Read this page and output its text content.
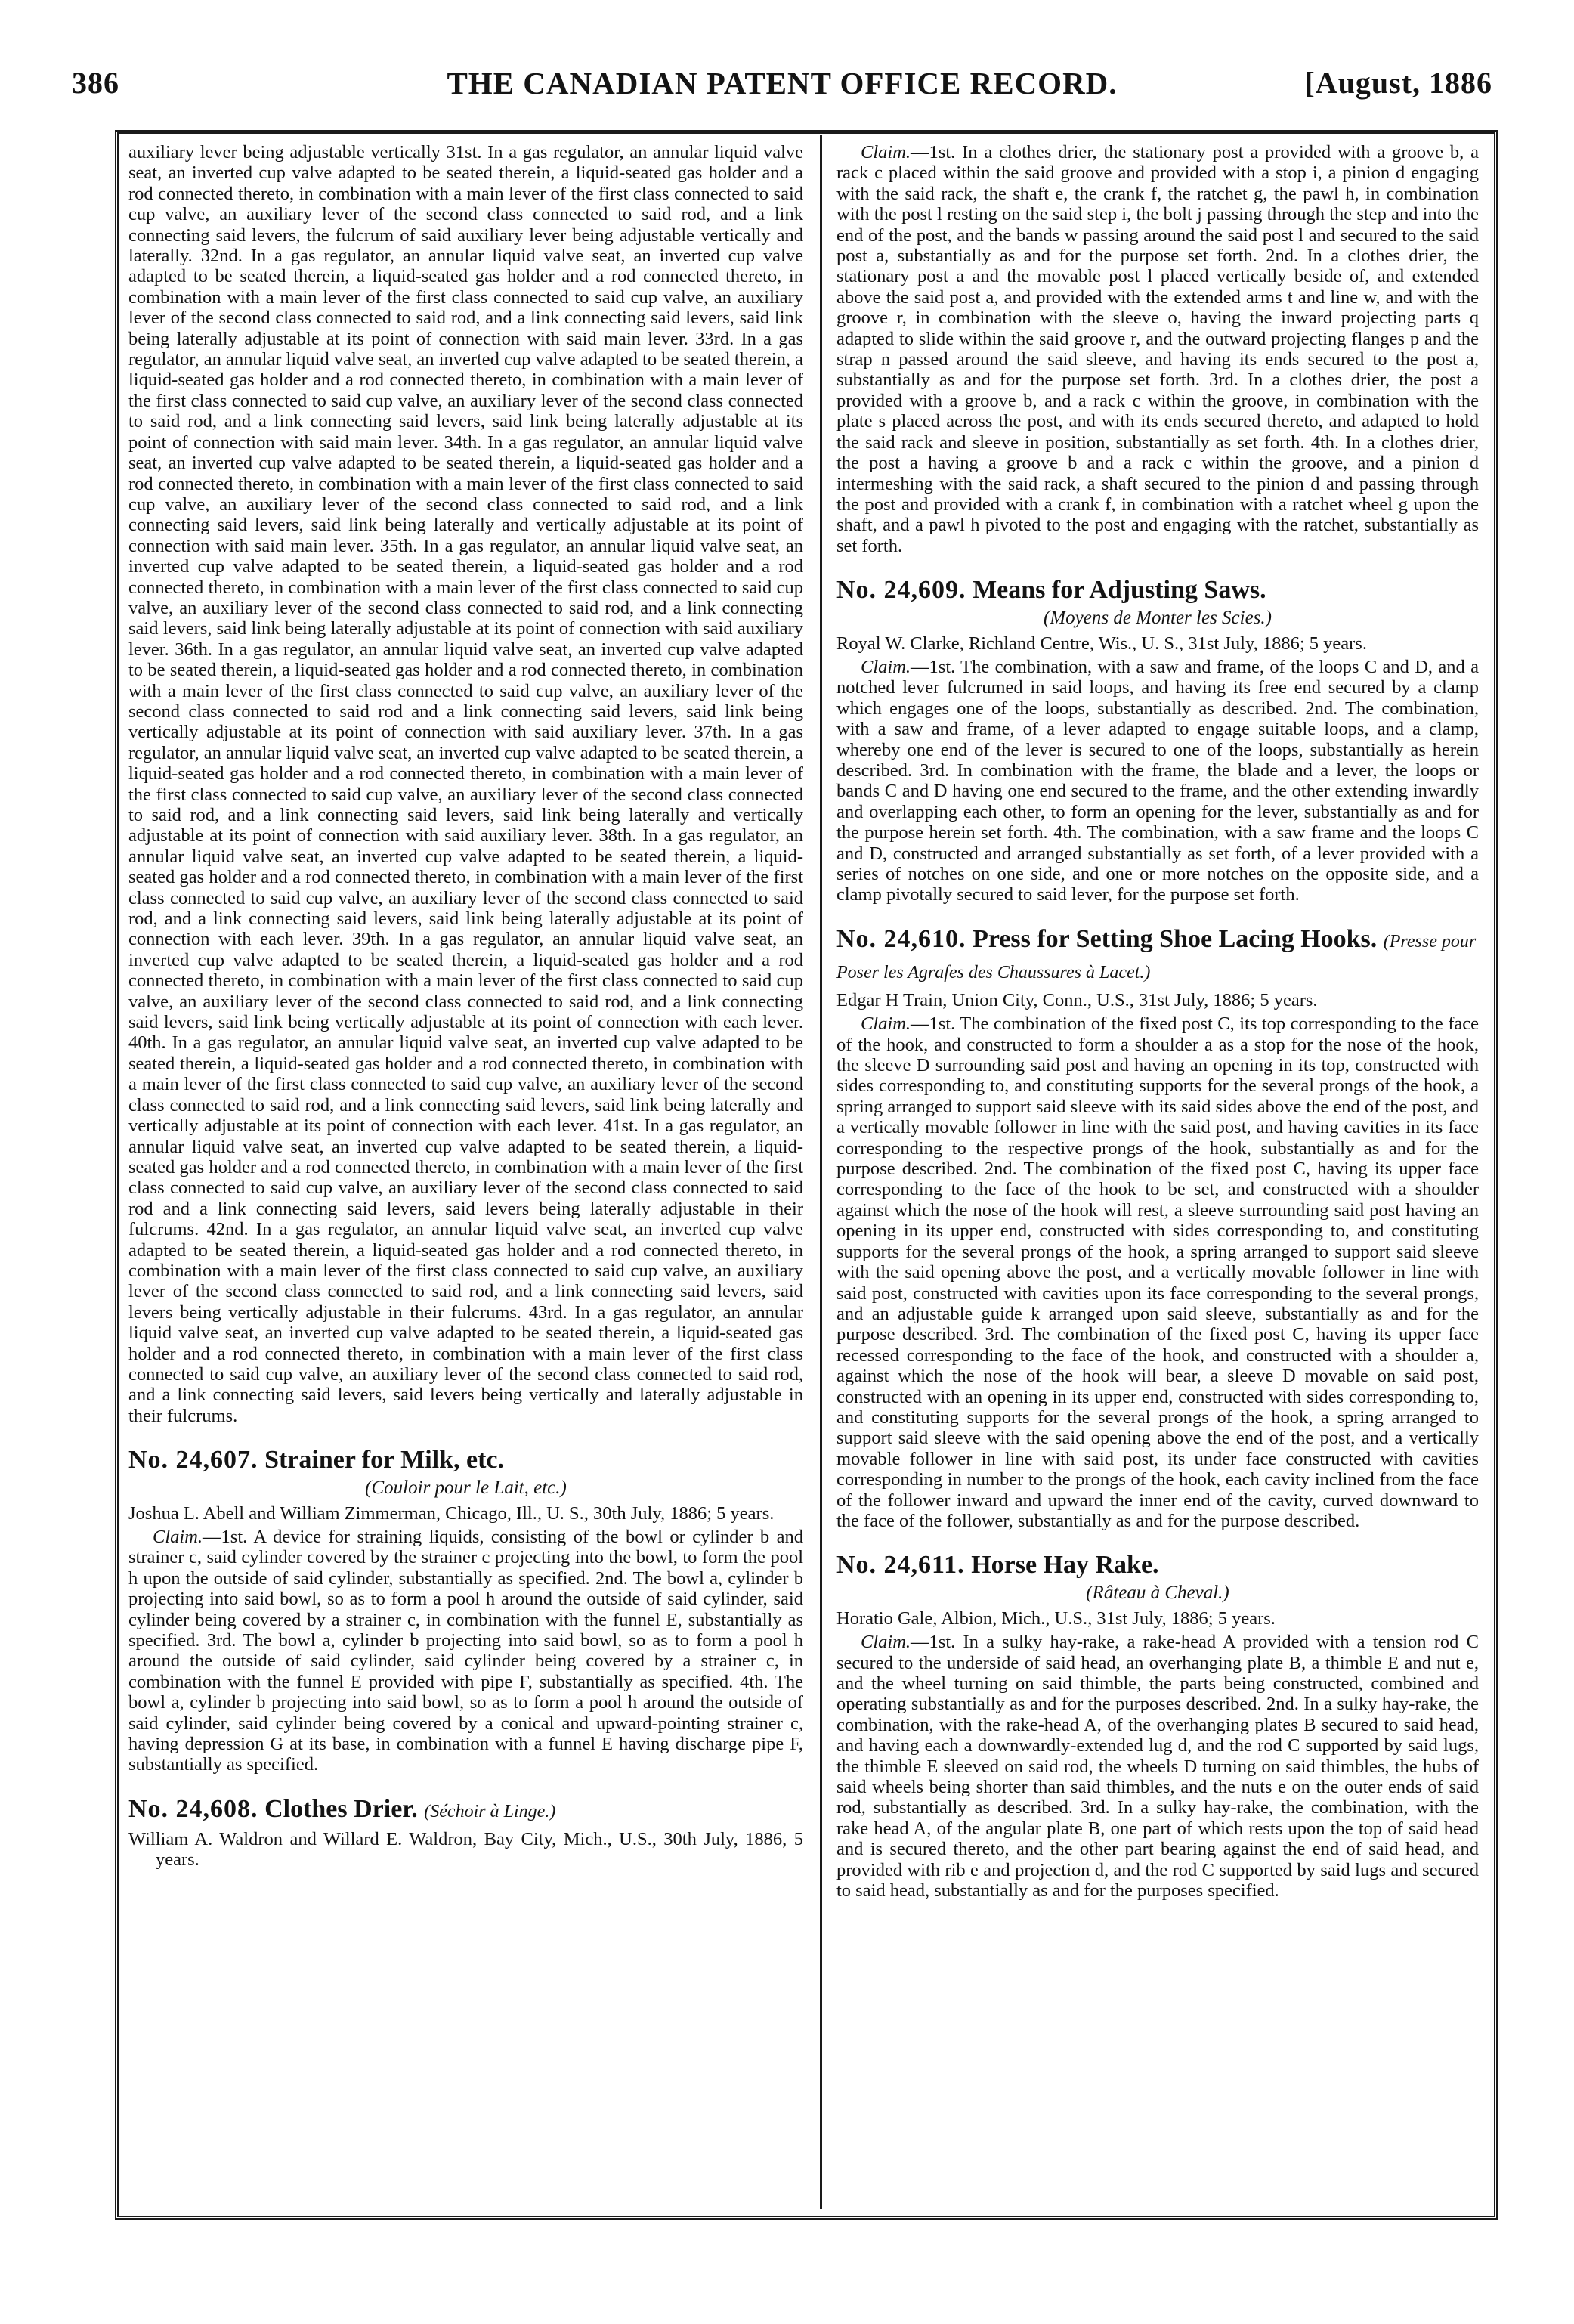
386	THE CANADIAN PATENT OFFICE RECORD.	[August, 1886

auxiliary lever being adjustable vertically 31st. In a gas regulator, an annular liquid valve seat, an inverted cup valve adapted to be seated therein, a liquid-seated gas holder and a rod connected thereto, in combination with a main lever of the first class connected to said cup valve, an auxiliary lever of the second class connected to said rod, and a link connecting said levers, the fulcrum of said auxiliary lever being adjustable vertically and laterally. 32nd. In a gas regulator, an annular liquid valve seat, an inverted cup valve adapted to be seated therein, a liquid-seated gas holder and a rod connected thereto, in combination with a main lever of the first class connected to said cup valve, an auxiliary lever of the second class connected to said rod, and a link connecting said levers, said link being laterally adjustable at its point of connection with said main lever. 33rd. In a gas regulator, an annular liquid valve seat, an inverted cup valve adapted to be seated therein, a liquid-seated gas holder and a rod connected thereto, in combination with a main lever of the first class connected to said cup valve, an auxiliary lever of the second class connected to said rod, and a link connecting said levers, said link being laterally adjustable at its point of connection with said main lever. 34th. In a gas regulator, an annular liquid valve seat, an inverted cup valve adapted to be seated therein, a liquid-seated gas holder and a rod connected thereto, in combination with a main lever of the first class connected to said cup valve, an auxiliary lever of the second class connected to said rod, and a link connecting said levers, said link being laterally and vertically adjustable at its point of connection with said main lever. 35th. In a gas regulator, an annular liquid valve seat, an inverted cup valve adapted to be seated therein, a liquid-seated gas holder and a rod connected thereto, in combination with a main lever of the first class connected to said cup valve, an auxiliary lever of the second class connected to said rod, and a link connecting said levers, said link being laterally adjustable at its point of connection with said auxiliary lever. 36th. In a gas regulator, an annular liquid valve seat, an inverted cup valve adapted to be seated therein, a liquid-seated gas holder and a rod connected thereto, in combination with a main lever of the first class connected to said cup valve, an auxiliary lever of the second class connected to said rod and a link connecting said levers, said link being vertically adjustable at its point of connection with said auxiliary lever. 37th. In a gas regulator, an annular liquid valve seat, an inverted cup valve adapted to be seated therein, a liquid-seated gas holder and a rod connected thereto, in combination with a main lever of the first class connected to said cup valve, an auxiliary lever of the second class connected to said rod, and a link connecting said levers, said link being laterally and vertically adjustable at its point of connection with said auxiliary lever. 38th. In a gas regulator, an annular liquid valve seat, an inverted cup valve adapted to be seated therein, a liquid-seated gas holder and a rod connected thereto, in combination with a main lever of the first class connected to said cup valve, an auxiliary lever of the second class connected to said rod, and a link connecting said levers, said link being laterally adjustable at its point of connection with each lever. 39th. In a gas regulator, an annular liquid valve seat, an inverted cup valve adapted to be seated therein, a liquid-seated gas holder and a rod connected thereto, in combination with a main lever of the first class connected to said cup valve, an auxiliary lever of the second class connected to said rod, and a link connecting said levers, said link being vertically adjustable at its point of connection with each lever. 40th. In a gas regulator, an annular liquid valve seat, an inverted cup valve adapted to be seated therein, a liquid-seated gas holder and a rod connected thereto, in combination with a main lever of the first class connected to said cup valve, an auxiliary lever of the second class connected to said rod, and a link connecting said levers, said link being laterally and vertically adjustable at its point of connection with each lever. 41st. In a gas regulator, an annular liquid valve seat, an inverted cup valve adapted to be seated therein, a liquid-seated gas holder and a rod connected thereto, in combination with a main lever of the first class connected to said cup valve, an auxiliary lever of the second class connected to said rod and a link connecting said levers, said levers being laterally adjustable in their fulcrums. 42nd. In a gas regulator, an annular liquid valve seat, an inverted cup valve adapted to be seated therein, a liquid-seated gas holder and a rod connected thereto, in combination with a main lever of the first class connected to said cup valve, an auxiliary lever of the second class connected to said rod, and a link connecting said levers, said levers being vertically adjustable in their fulcrums. 43rd. In a gas regulator, an annular liquid valve seat, an inverted cup valve adapted to be seated therein, a liquid-seated gas holder and a rod connected thereto, in combination with a main lever of the first class connected to said cup valve, an auxiliary lever of the second class connected to said rod, and a link connecting said levers, said levers being vertically and laterally adjustable in their fulcrums.

No. 24,607. Strainer for Milk, etc.
(Couloir pour le Lait, etc.)

Joshua L. Abell and William Zimmerman, Chicago, Ill., U. S., 30th July, 1886; 5 years.

Claim.—1st. A device for straining liquids, consisting of the bowl or cylinder b and strainer c, said cylinder covered by the strainer c projecting into the bowl, to form the pool h upon the outside of said cylinder, substantially as specified. 2nd. The bowl a, cylinder b projecting into said bowl, so as to form a pool h around the outside of said cylinder, said cylinder being covered by a strainer c, in combination with the funnel E, substantially as specified. 3rd. The bowl a, cylinder b projecting into said bowl, so as to form a pool h around the outside of said cylinder, said cylinder being covered by a strainer c, in combination with the funnel E provided with pipe F, substantially as specified. 4th. The bowl a, cylinder b projecting into said bowl, so as to form a pool h around the outside of said cylinder, said cylinder being covered by a conical and upward-pointing strainer c, having depression G at its base, in combination with a funnel E having discharge pipe F, substantially as specified.

No. 24,608. Clothes Drier. (Séchoir à Linge.)

William A. Waldron and Willard E. Waldron, Bay City, Mich., U.S., 30th July, 1886, 5 years.

Claim.—1st. In a clothes drier, the stationary post a provided with a groove b, a rack c placed within the said groove and provided with a stop i, a pinion d engaging with the said rack, the shaft e, the crank f, the ratchet g, the pawl h, in combination with the post l resting on the said step i, the bolt j passing through the step and into the end of the post, and the bands w passing around the said post l and secured to the said post a, substantially as and for the purpose set forth. 2nd. In a clothes drier, the stationary post a and the movable post l placed vertically beside of, and extended above the said post a, and provided with the extended arms t and line w, and with the groove r, in combination with the sleeve o, having the inward projecting parts q adapted to slide within the said groove r, and the outward projecting flanges p and the strap n passed around the said sleeve, and having its ends secured to the post a, substantially as and for the purpose set forth. 3rd. In a clothes drier, the post a provided with a groove b, and a rack c within the groove, in combination with the plate s placed across the post, and with its ends secured thereto, and adapted to hold the said rack and sleeve in position, substantially as set forth. 4th. In a clothes drier, the post a having a groove b and a rack c within the groove, and a pinion d intermeshing with the said rack, a shaft secured to the pinion d and passing through the post and provided with a crank f, in combination with a ratchet wheel g upon the shaft, and a pawl h pivoted to the post and engaging with the ratchet, substantially as set forth.

No. 24,609. Means for Adjusting Saws.
(Moyens de Monter les Scies.)

Royal W. Clarke, Richland Centre, Wis., U. S., 31st July, 1886; 5 years.

Claim.—1st. The combination, with a saw and frame, of the loops C and D, and a notched lever fulcrumed in said loops, and having its free end secured by a clamp which engages one of the loops, substantially as described. 2nd. The combination, with a saw and frame, of a lever adapted to engage suitable loops, and a clamp, whereby one end of the lever is secured to one of the loops, substantially as herein described. 3rd. In combination with the frame, the blade and a lever, the loops or bands C and D having one end secured to the frame, and the other extending inwardly and overlapping each other, to form an opening for the lever, substantially as and for the purpose herein set forth. 4th. The combination, with a saw frame and the loops C and D, constructed and arranged substantially as set forth, of a lever provided with a series of notches on one side, and one or more notches on the opposite side, and a clamp pivotally secured to said lever, for the purpose set forth.

No. 24,610. Press for Setting Shoe Lacing Hooks. (Presse pour Poser les Agrafes des Chaussures à Lacet.)

Edgar H Train, Union City, Conn., U.S., 31st July, 1886; 5 years.

Claim.—1st. The combination of the fixed post C, its top corresponding to the face of the hook, and constructed to form a shoulder a as a stop for the nose of the hook, the sleeve D surrounding said post and having an opening in its top, constructed with sides corresponding to, and constituting supports for the several prongs of the hook, a spring arranged to support said sleeve with its said sides above the end of the post, and a vertically movable follower in line with the said post, and having cavities in its face corresponding to the respective prongs of the hook, substantially as and for the purpose described. 2nd. The combination of the fixed post C, having its upper face corresponding to the face of the hook to be set, and constructed with a shoulder against which the nose of the hook will rest, a sleeve surrounding said post having an opening in its upper end, constructed with sides corresponding to, and constituting supports for the several prongs of the hook, a spring arranged to support said sleeve with the said opening above the post, and a vertically movable follower in line with said post, constructed with cavities upon its face corresponding to the several prongs, and an adjustable guide k arranged upon said sleeve, substantially as and for the purpose described. 3rd. The combination of the fixed post C, having its upper face recessed corresponding to the face of the hook, and constructed with a shoulder a, against which the nose of the hook will bear, a sleeve D movable on said post, constructed with an opening in its upper end, constructed with sides corresponding to, and constituting supports for the several prongs of the hook, a spring arranged to support said sleeve with the said opening above the end of the post, and a vertically movable follower in line with said post, its under face constructed with cavities corresponding in number to the prongs of the hook, each cavity inclined from the face of the follower inward and upward the inner end of the cavity, curved downward to the face of the follower, substantially as and for the purpose described.

No. 24,611. Horse Hay Rake.
(Râteau à Cheval.)

Horatio Gale, Albion, Mich., U.S., 31st July, 1886; 5 years.

Claim.—1st. In a sulky hay-rake, a rake-head A provided with a tension rod C secured to the underside of said head, an overhanging plate B, a thimble E and nut e, and the wheel turning on said thimble, the parts being constructed, combined and operating substantially as and for the purposes described. 2nd. In a sulky hay-rake, the combination, with the rake-head A, of the overhanging plates B secured to said head, and having each a downwardly-extended lug d, and the rod C supported by said lugs, the thimble E sleeved on said rod, the wheels D turning on said thimbles, the hubs of said wheels being shorter than said thimbles, and the nuts e on the outer ends of said rod, substantially as described. 3rd. In a sulky hay-rake, the combination, with the rake head A, of the angular plate B, one part of which rests upon the top of said head and is secured thereto, and the other part bearing against the end of said head, and provided with rib e and projection d, and the rod C supported by said lugs and secured to said head, substantially as and for the purposes specified.
